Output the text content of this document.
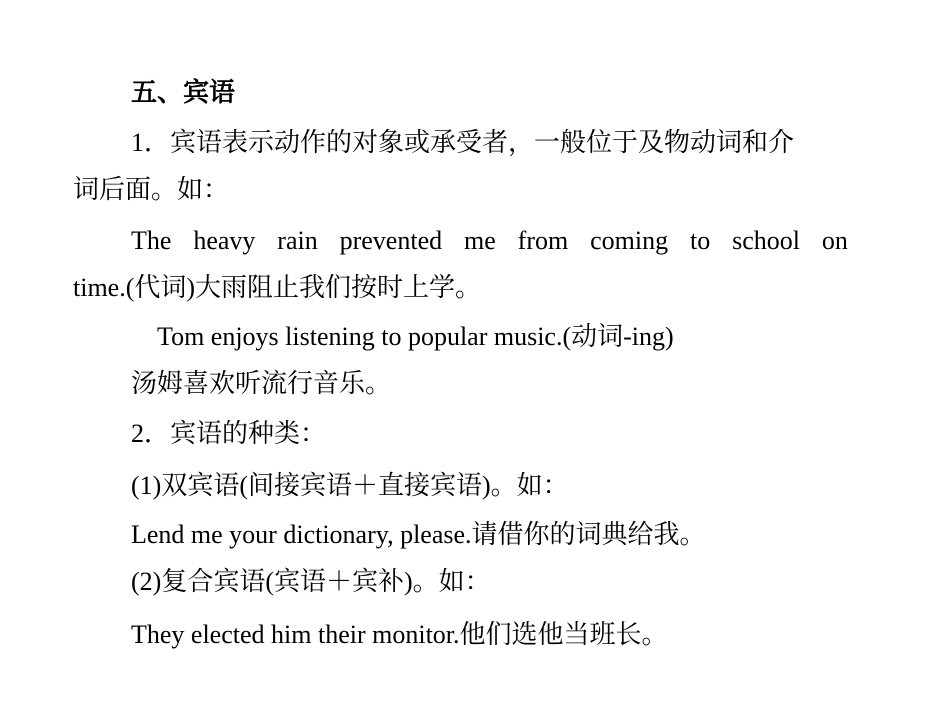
五、宾语
1．宾语表示动作的对象或承受者，一般位于及物动词和介
词后面。如：
The heavy rain prevented me from coming to school on
time.(代词)大雨阻止我们按时上学。
Tom enjoys listening to popular music.(动词-ing)
汤姆喜欢听流行音乐。
2．宾语的种类：
(1)双宾语(间接宾语＋直接宾语)。如：
Lend me your dictionary, please.请借你的词典给我。
(2)复合宾语(宾语＋宾补)。如：
They elected him their monitor.他们选他当班长。
